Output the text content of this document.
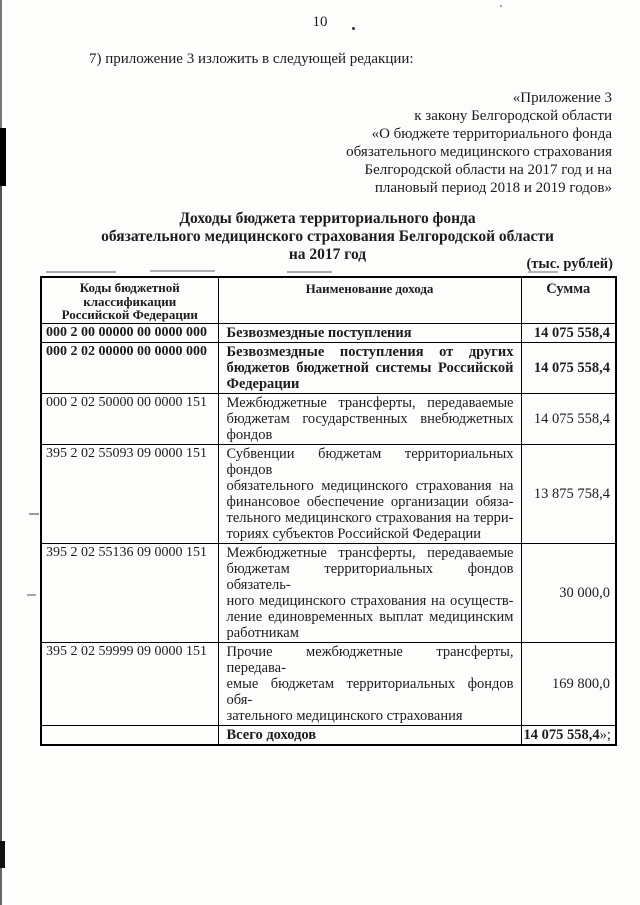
10
7) приложение 3 изложить в следующей редакции:
«Приложение 3
к закону Белгородской области
«О бюджете территориального фонда
обязательного медицинского страхования
Белгородской области на 2017 год и на
плановый период 2018 и 2019 годов»
Доходы бюджета территориального фонда
обязательного медицинского страхования Белгородской области
на 2017 год
(тыс. рублей)
Коды бюджетной
классификации
Российской Федерации	Наименование дохода	Сумма
000 2 00 00000 00 0000 000	Безвозмездные поступления	14 075 558,4
000 2 02 00000 00 0000 000	Безвозмездные поступления от других
бюджетов бюджетной системы Российской
Федерации	14 075 558,4
000 2 02 50000 00 0000 151	Межбюджетные трансферты, передаваемые
бюджетам государственных внебюджетных
фондов	14 075 558,4
395 2 02 55093 09 0000 151	Субвенции бюджетам территориальных фондов
обязательного медицинского страхования на
финансовое обеспечение организации обяза-
тельного медицинского страхования на терри-
ториях субъектов Российской Федерации	13 875 758,4
395 2 02 55136 09 0000 151	Межбюджетные трансферты, передаваемые
бюджетам территориальных фондов обязатель-
ного медицинского страхования на осуществ-
ление единовременных выплат медицинским
работникам	30 000,0
395 2 02 59999 09 0000 151	Прочие межбюджетные трансферты, передава-
емые бюджетам территориальных фондов обя-
зательного медицинского страхования	169 800,0

	Всего доходов	14 075 558,4»;
